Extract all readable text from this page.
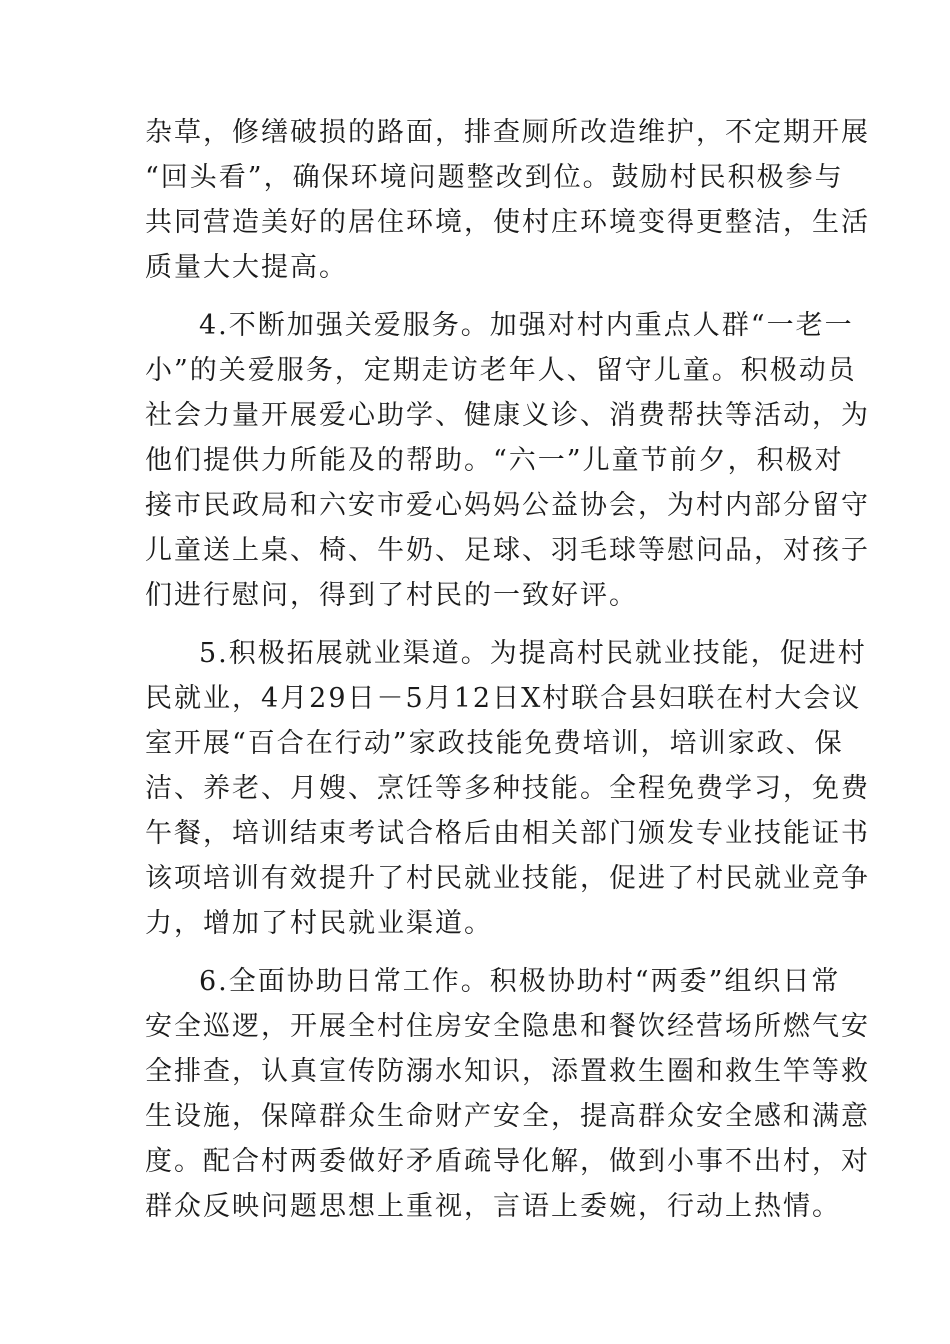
杂草，修缮破损的路面，排查厕所改造维护，不定期开展
“回头看”，确保环境问题整改到位。鼓励村民积极参与
共同营造美好的居住环境，使村庄环境变得更整洁，生活
质量大大提高。
4.不断加强关爱服务。加强对村内重点人群“一老一
小”的关爱服务，定期走访老年人、留守儿童。积极动员
社会力量开展爱心助学、健康义诊、消费帮扶等活动，为
他们提供力所能及的帮助。“六一”儿童节前夕，积极对
接市民政局和六安市爱心妈妈公益协会，为村内部分留守
儿童送上桌、椅、牛奶、足球、羽毛球等慰问品，对孩子
们进行慰问，得到了村民的一致好评。
5.积极拓展就业渠道。为提高村民就业技能，促进村
民就业，4月29日－5月12日X村联合县妇联在村大会议
室开展“百合在行动”家政技能免费培训，培训家政、保
洁、养老、月嫂、烹饪等多种技能。全程免费学习，免费
午餐，培训结束考试合格后由相关部门颁发专业技能证书
该项培训有效提升了村民就业技能，促进了村民就业竞争
力，增加了村民就业渠道。
6.全面协助日常工作。积极协助村“两委”组织日常
安全巡逻，开展全村住房安全隐患和餐饮经营场所燃气安
全排查，认真宣传防溺水知识，添置救生圈和救生竿等救
生设施，保障群众生命财产安全，提高群众安全感和满意
度。配合村两委做好矛盾疏导化解，做到小事不出村，对
群众反映问题思想上重视，言语上委婉，行动上热情。
